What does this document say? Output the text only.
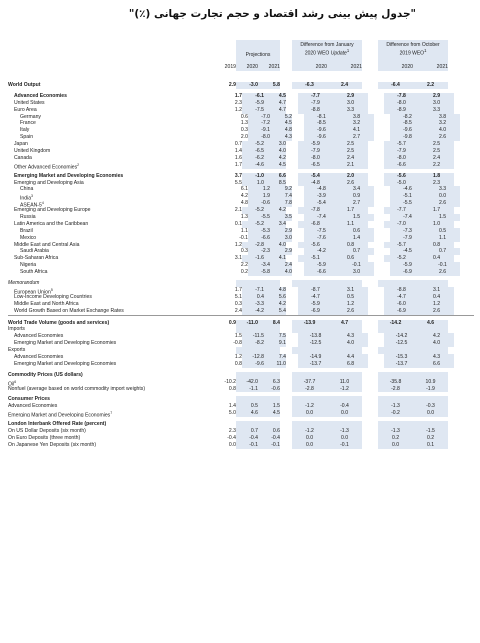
"جدول پیش بینی رشد اقتصاد و حجم تجارت جهانی (٪)"
Projections
Difference from January
2020 WEO Update$^1$
Difference from October
2019 WEO$^1$
2019	2020	2021	2020	2021	2020	2021
World Output	2.9	-3.0	5.8	-6.3	2.4	-6.4	2.2
Advanced Economies	1.7	-6.1	4.5	-7.7	2.9	-7.8	2.9
United States	2.3	-5.9	4.7	-7.9	3.0	-8.0	3.0
Euro Area	1.2	-7.5	4.7	-8.8	3.3	-8.9	3.3
Germany	0.6	-7.0	5.2	-8.1	3.8	-8.2	3.8
France	1.3	-7.2	4.5	-8.5	3.2	-8.5	3.2
Italy	0.3	-9.1	4.8	-9.6	4.1	-9.6	4.0
Spain	2.0	-8.0	4.3	-9.6	2.7	-9.8	2.6
Japan	0.7	-5.2	3.0	-5.9	2.5	-5.7	2.5
United Kingdom	1.4	-6.5	4.0	-7.9	2.5	-7.9	2.5
Canada	1.6	-6.2	4.2	-8.0	2.4	-8.0	2.4
Other Advanced Economies$^2$	1.7	-4.6	4.5	-6.5	2.1	-6.6	2.2
Emerging Market and Developing Economies	3.7	-1.0	6.6	-5.4	2.0	-5.6	1.8
Emerging and Developing Asia	5.5	1.0	8.5	-4.8	2.6	-5.0	2.3
China	6.1	1.2	9.2	-4.8	3.4	-4.6	3.3
India$^3$	4.2	1.9	7.4	-3.9	0.9	-5.1	0.0
ASEAN-$5^4$	4.8	-0.6	7.8	-5.4	2.7	-5.5	2.6
Emerging and Developing Europe	2.1	-5.2	4.2	-7.8	1.7	-7.7	1.7
Russia	1.3	-5.5	3.5	-7.4	1.5	-7.4	1.5
Latin America and the Caribbean	0.1	-5.2	3.4	-6.8	1.1	-7.0	1.0
Brazil	1.1	-5.3	2.9	-7.5	0.6	-7.3	0.5
Mexico	-0.1	-6.6	3.0	-7.6	1.4	-7.9	1.1
Middle East and Central Asia	1.2	-2.8	4.0	-5.6	0.8	-5.7	0.8
Saudi Arabia	0.3	-2.3	2.9	-4.2	0.7	-4.5	0.7
Sub-Saharan Africa	3.1	-1.6	4.1	-5.1	0.6	-5.2	0.4
Nigeria	2.2	-3.4	2.4	-5.9	-0.1	-5.9	-0.1
South Africa	0.2	-5.8	4.0	-6.6	3.0	-6.9	2.6
Memorandum
European Union$^5$	1.7	-7.1	4.8	-8.7	3.1	-8.8	3.1
Low-Income Developing Countries	5.1	0.4	5.6	-4.7	0.5	-4.7	0.4
Middle East and North Africa	0.3	-3.3	4.2	-5.9	1.2	-6.0	1.2
World Growth Based on Market Exchange Rates	2.4	-4.2	5.4	-6.9	2.6	-6.9	2.6
World Trade Volume (goods and services)	0.9	-11.0	8.4	-13.9	4.7	-14.2	4.6
Imports
Advanced Economies	1.5	-11.5	7.5	-13.8	4.3	-14.2	4.2
Emerging Market and Developing Economies	-0.8	-8.2	9.1	-12.5	4.0	-12.5	4.0
Exports
Advanced Economies	1.2	-12.8	7.4	-14.9	4.4	-15.3	4.3
Emerging Market and Developing Economies	0.8	-9.6	11.0	-13.7	6.8	-13.7	6.6
Commodity Prices (US dollars)
Oil$^6$	-10.2	-42.0	6.3	-37.7	11.0	-35.8	10.9
Nonfuel (average based on world commodity import weights)	0.8	-1.1	-0.6	-2.8	-1.2	-2.8	-1.9
Consumer Prices
Advanced Economies	1.4	0.5	1.5	-1.2	-0.4	-1.3	-0.3
Emerging Market and Developing Economies$^7$	5.0	4.6	4.5	0.0	0.0	-0.2	0.0
London Interbank Offered Rate (percent)
On US Dollar Deposits (six month)	2.3	0.7	0.6	-1.2	-1.3	-1.3	-1.5
On Euro Deposits (three month)	-0.4	-0.4	-0.4	0.0	0.0	0.2	0.2
On Japanese Yen Deposits (six month)	0.0	-0.1	-0.1	0.0	-0.1	0.0	0.1
